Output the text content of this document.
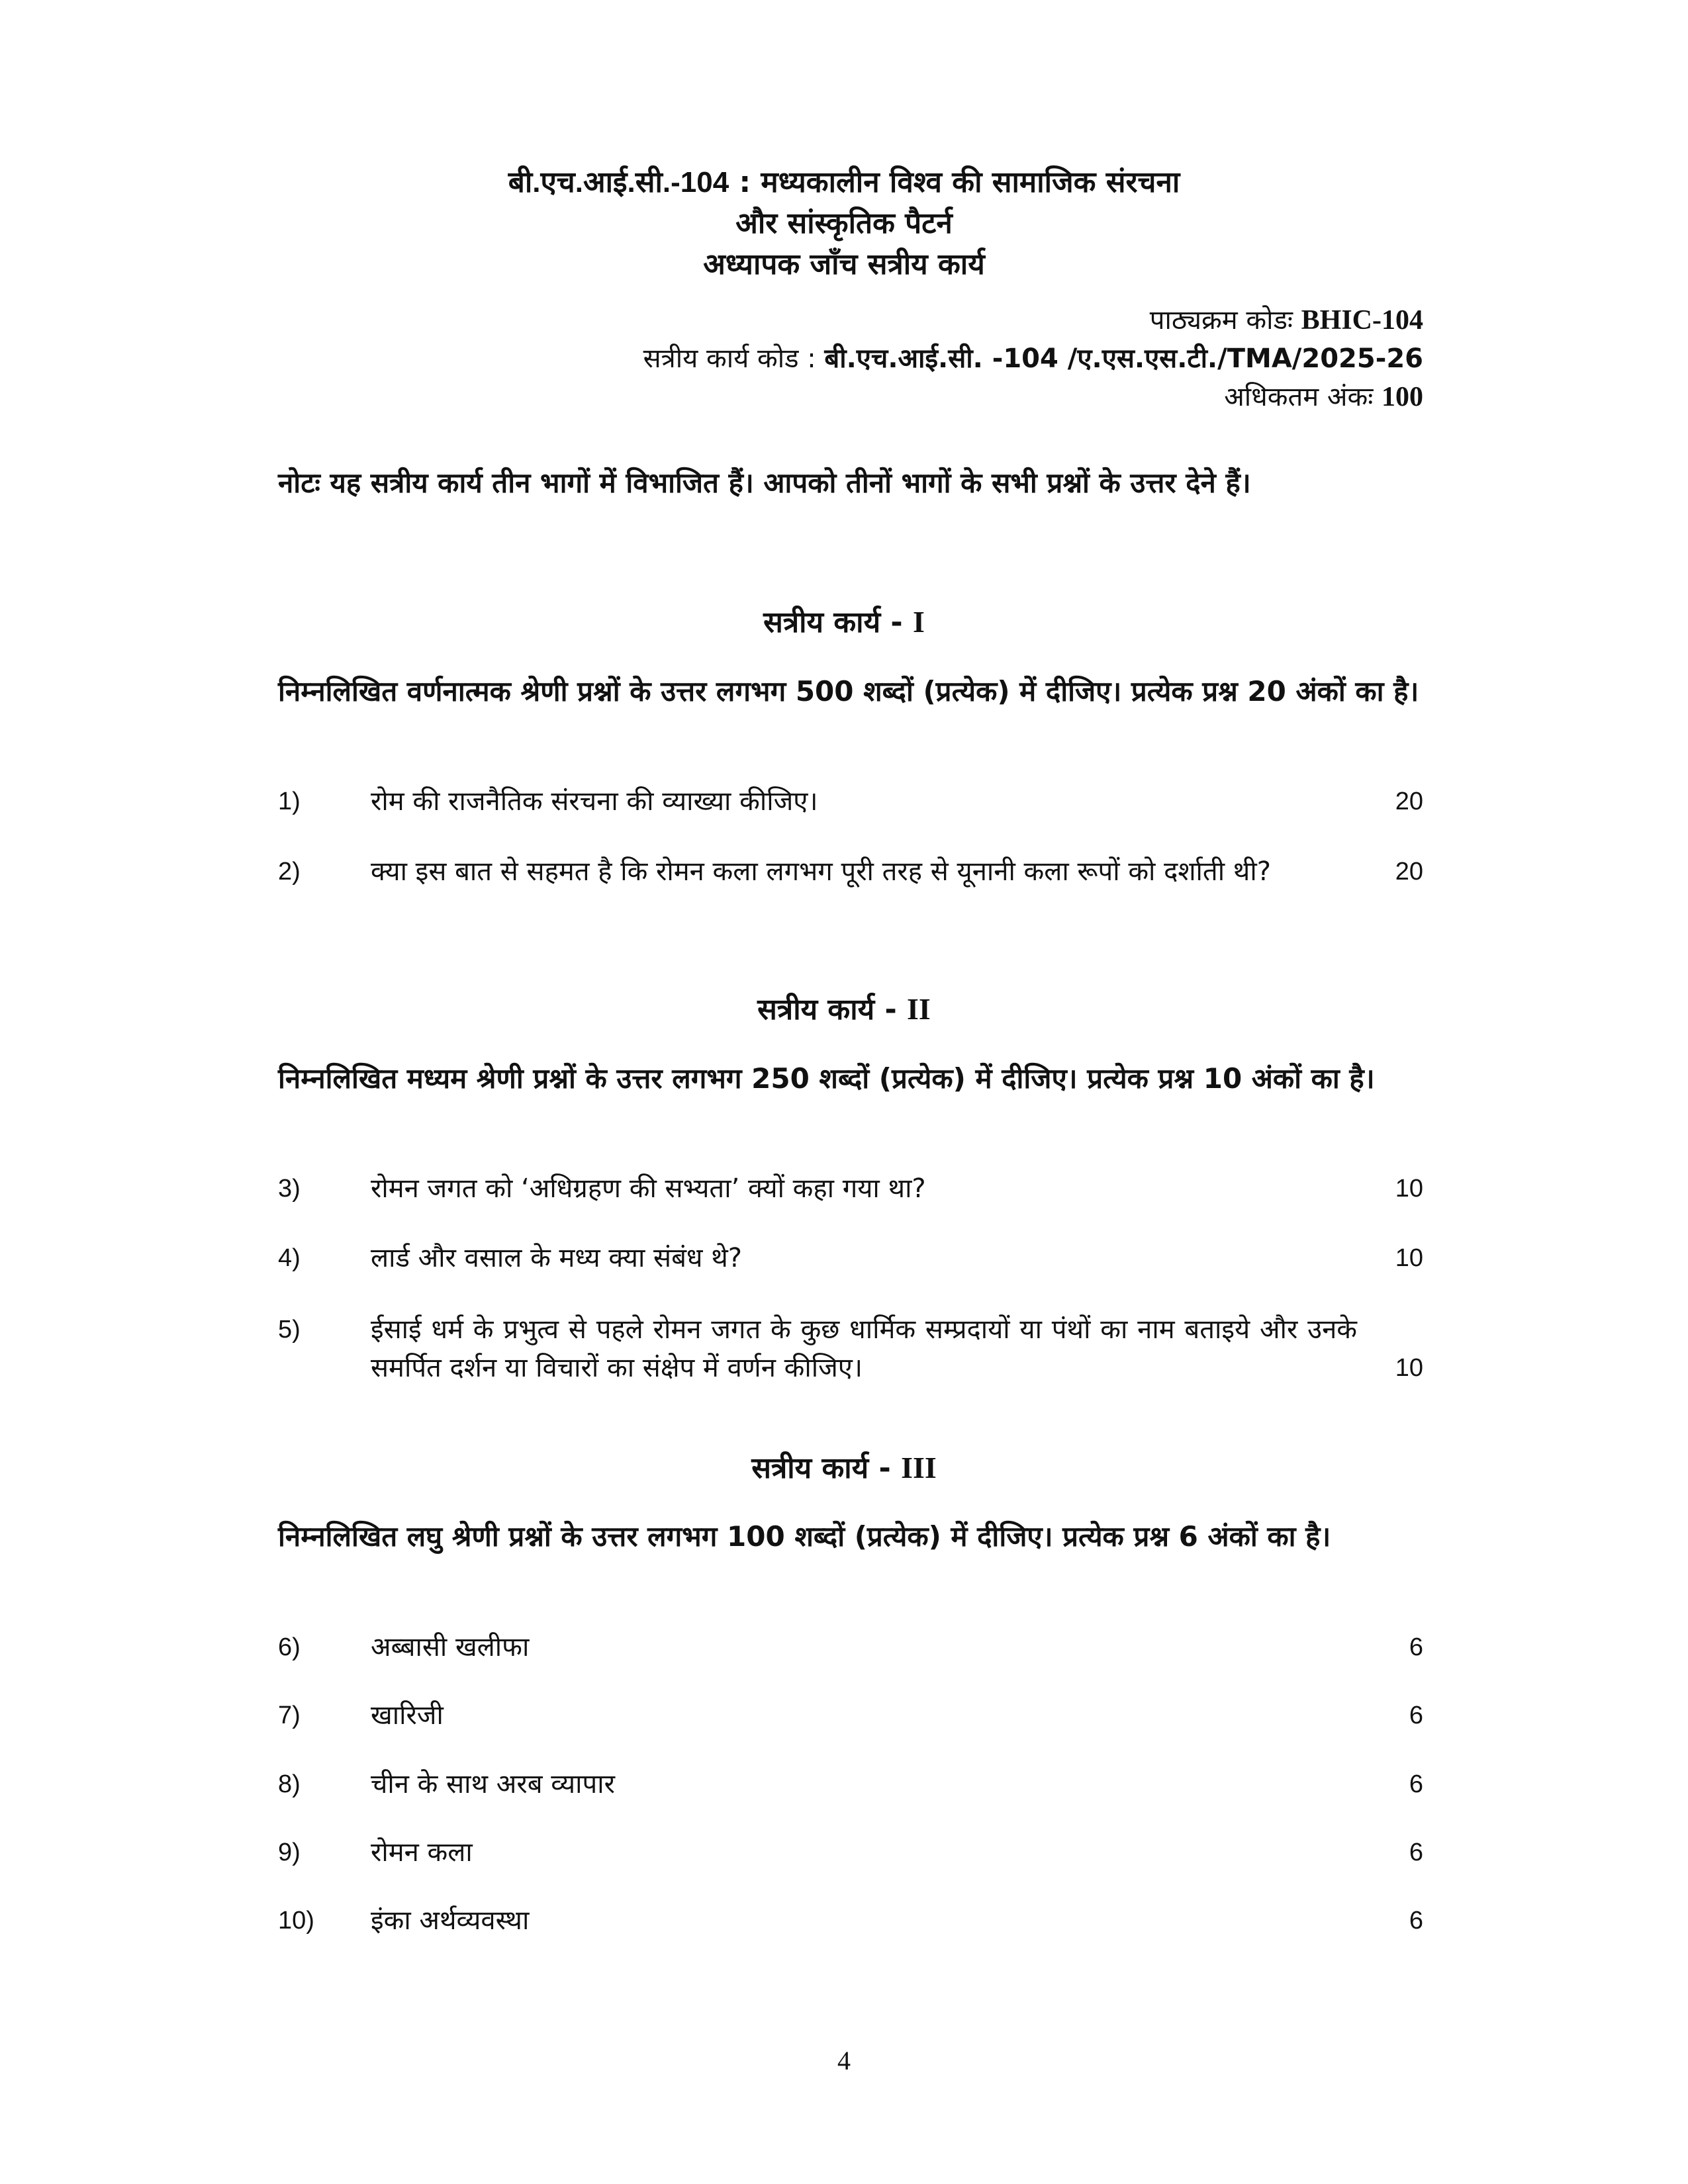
बी.एच.आई.सी.-104 : मध्यकालीन विश्व की सामाजिक संरचना
और सांस्कृतिक पैटर्न
अध्यापक जाँच सत्रीय कार्य
पाठ्यक्रम कोडः BHIC-104
सत्रीय कार्य कोड : बी.एच.आई.सी. -104 /ए.एस.एस.टी./TMA/2025-26
अधिकतम अंकः 100
नोटः यह सत्रीय कार्य तीन भागों में विभाजित हैं। आपको तीनों भागों के सभी प्रश्नों के उत्तर देने हैं।
सत्रीय कार्य - I
निम्नलिखित वर्णनात्मक श्रेणी प्रश्नों के उत्तर लगभग 500 शब्दों (प्रत्येक) में दीजिए। प्रत्येक प्रश्न 20 अंकों का है।
1)	रोम की राजनैतिक संरचना की व्याख्या कीजिए।	20
2)	क्या इस बात से सहमत है कि रोमन कला लगभग पूरी तरह से यूनानी कला रूपों को दर्शाती थी?	20
सत्रीय कार्य - II
निम्नलिखित मध्यम श्रेणी प्रश्नों के उत्तर लगभग 250 शब्दों (प्रत्येक) में दीजिए। प्रत्येक प्रश्न 10 अंकों का है।
3)	रोमन जगत को ‘अधिग्रहण की सभ्यता’ क्यों कहा गया था?	10
4)	लार्ड और वसाल के मध्य क्या संबंध थे?	10
5)	ईसाई धर्म के प्रभुत्व से पहले रोमन जगत के कुछ धार्मिक सम्प्रदायों या पंथों का नाम बताइये और उनके समर्पित दर्शन या विचारों का संक्षेप में वर्णन कीजिए।	10
सत्रीय कार्य - III
निम्नलिखित लघु श्रेणी प्रश्नों के उत्तर लगभग 100 शब्दों (प्रत्येक) में दीजिए। प्रत्येक प्रश्न 6 अंकों का है।
6)	अब्बासी खलीफा	6
7)	खारिजी	6
8)	चीन के साथ अरब व्यापार	6
9)	रोमन कला	6
10) इंका अर्थव्यवस्था	6
4
